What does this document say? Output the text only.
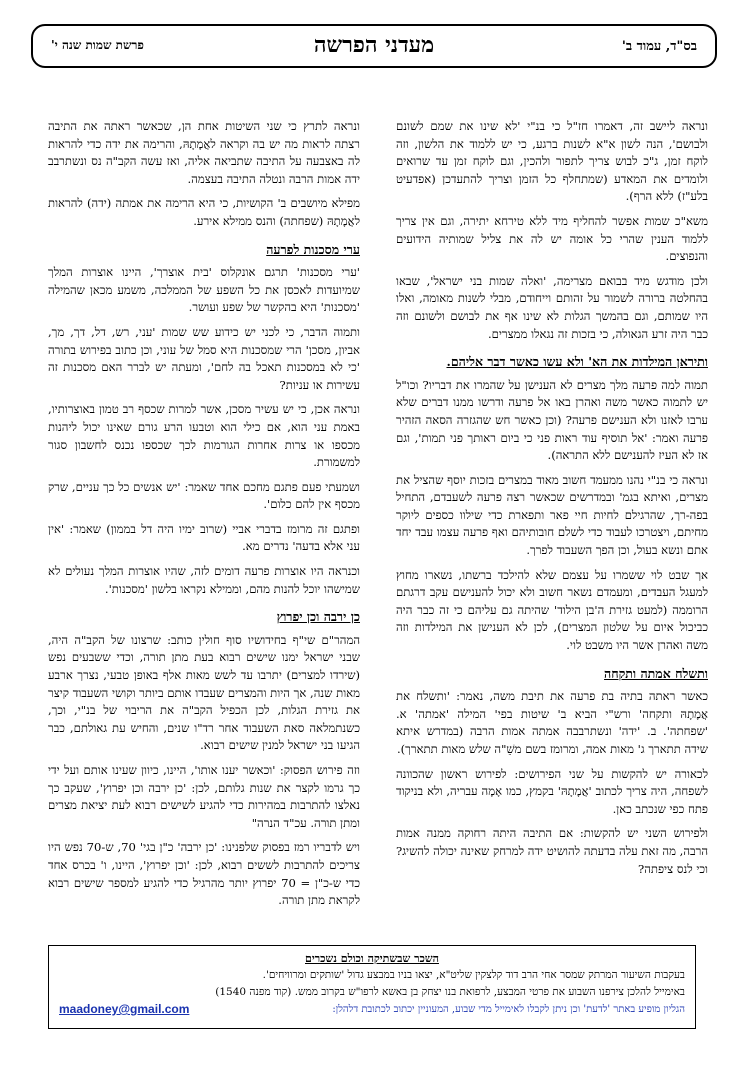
בס"ד, עמוד ב'
מעדני הפרשה
פרשת שמות שנה י'

ונראה ליישב זה, דאמרו חז"ל כי בנ"י 'לא שינו את שמם לשונם ולבושם', הנה לשון א"א לשנות ברגע, כי יש ללמוד את הלשון, וזה לוקח זמן, ג"כ לבוש צריך לתפור ולהכין, וגם לוקח זמן עד שרואים ולומדים את המאדע (שמתחלף כל הזמן וצריך להתעדכן (אפדעיט בלע"ז) ללא הרף).

משא"כ שמות אפשר להחליף מיד ללא טירחא יתירה, וגם אין צריך ללמוד הענין שהרי כל אומה יש לה את צליל שמותיה הידועים והנפוצים.

ולכן מודגש מיד בבואם מצרימה, 'ואלה שמות בני ישראל', שבאו בהחלטה ברורה לשמור על זהותם וייחודם, מבלי לשנות מאומה, ואלו היו שמותם, וגם בהמשך הגלות לא שינו אף את לבושם ולשונם וזה כבר היה זרע הגאולה, כי בזכות זה נגאלו ממצרים.

ותיראן המילדות את הא' ולא עשו כאשר דבר אליהם.

תמוה למה פרעה מלך מצרים לא הענישן על שהמרו את דבריו? וכו"ל יש לתמוה כאשר משה ואהרן באו אל פרעה ודרשו ממנו דברים שלא ערבו לאזנו ולא הענישם פרעה? (וכן כאשר חש שהגזרה הסאה הזהיר פרעה ואמר: 'אל תוסיף עוד ראות פני כי ביום ראותך פני תמות', וגם אז לא העיז להענישם ללא התראה).

ונראה כי בנ"י נהנו ממעמד חשוב מאוד במצרים בזכות יוסף שהציל את מצרים, ואיתא בגמ' ובמדרשים שכאשר רצה פרעה לשעבדם, התחיל בפה-רך, שהרגילם לחיות חיי פאר ותפארת כדי שילוו כספים ליוקר מחיתם, ויצטרכו לעבוד כדי לשלם חובותיהם ואף פרעה עצמו עבד יחד אתם ונשא בעול, וכן הפך השעבוד לפרך.

אך שבט לוי ששמרו על עצמם שלא להילכד ברשתו, נשארו מחוץ למעגל העבדים, ומעמדם נשאר חשוב ולא יכול להענישם עקב דרגתם הרוממה (למעט גזירת ה'בן הילוד' שהיתה גם עליהם כי זה כבר היה כביכול איום על שלטון המצרים), לכן לא הענישן את המילדות וזה משה ואהרן אשר היו משבט לוי.

ותשלח אמתה ותקחה

כאשר ראתה בתיה בת פרעה את תיבת משה, נאמר: 'ותשלח את אֲמָתָהּ ותקחה' ורש"י הביא ב' שיטות בפי' המילה 'אמתה' א. 'שפחתה'. ב. 'ידה' ונשתרבבה אמתה אמות הרבה (במדרש איתא שידה תתארך ג' מאות אמה, ומרומז בשם משֵׁ"ה שלש מאות תתארך).

לכאורה יש להקשות על שני הפירושים: לפירוש ראשון שהכוונה לשפחה, היה צריך לכתוב 'אֲמָתָהּ' בקמץ, כמו אָמָה עבריה, ולא בניקוד פתח כפי שנכתב כאן.

ולפירוש השני יש להקשות: אם התיבה היתה רחוקה ממנה אמות הרבה, מה זאת עלה בדעתה להושיט ידה למרחק שאינה יכולה להשיג? וכי לנס ציפתה?

ונראה לתרץ כי שני השיטות אחת הן, שכאשר ראתה את התיבה רצתה לראות מה יש בה וקראה לאֲמָתָהּ, והרימה את ידה כדי להראות לה באצבעה על התיבה שתביאה אליה, ואז עשה הקב"ה נס ונשתרבב ידה אמות הרבה ונטלה התיבה בעצמה.

מפילא מיושבים ב' הקושיות, כי היא הרימה את אמתה (ידה) להראות לאֲמָתָהּ (שפחתה) והנס ממילא אירע.

ערי מסכנות לפרעה

'ערי מסכנות' תרגם אונקלוס 'בית אוצרך', היינו אוצרות המלך שמיועדות לאכסן את כל השפע של הממלכה, משמע מכאן שהמילה 'מסכנות' היא בהקשר של שפע ועושר.

ותמוה הדבר, כי לכני יש כידוע שש שמות 'עני, רש, דל, דך, מך, אביון, מסכן' הרי שמסכנות היא סמל של עוני, וכן כתוב בפירוש בתורה 'כי לא במסכנות תאכל בה לחם', ומעתה יש לברר האם מסכנות זה עשירות או עניות?

ונראה אכן, כי יש עשיר מסכן, אשר למרות שכסף רב טמון באוצרותיו, באמת עני הוא, אם כילי הוא וטבעו הרע גורם שאינו יכול ליהנות מכספו או צרות אחרות הגורמות לכך שכספו נכנס לחשבון סגור למשמורת.

ושמעתי פעם פתגם מחכם אחד שאמר: 'יש אנשים כל כך עניים, שרק מכסף אין להם כלום'.

ופתגם זה מרומז בדברי אביי (שרוב ימיו היה דל בממון) שאמר: 'אין עני אלא בדעה' נדרים מא.

וכנראה היו אוצרות פרעה דומים לזה, שהיו אוצרות המלך נעולים לא שמישהו יוכל להנות מהם, וממילא נקראו בלשון 'מסכנות'.

כן ירבה וכן יפרוץ

המהר"ם שי"ף בחידושיו סוף חולין כותב: שרצונו של הקב"ה היה, שבני ישראל ימנו שישים רבוא בעת מתן תורה, וכדי ששבעים נפש (שירדו למצרים) יתרבו עד לשש מאות אלף באופן טבעי, נצרך ארבע מאות שנה, אך היות והמצרים שעבדו אותם ביותר וקושי השעבוד קיצר את גזירת הגלות, לכן הכפיל הקב"ה את הריבוי של בנ"י, וכך, כשנתמלאה סאת השעבוד אחר רד"ו שנים, והחיש עת גאולתם, כבר הגיעו בני ישראל למנין שישים רבוא.

וזה פירוש הפסוק: 'וכאשר יענו אותו', היינו, כיוון שעינו אותם ועל ידי כך גרמו לקצר את שנות גלותם, לכן: 'כן ירבה וכן יפרוץ', שעקב כך נאלצו להתרבות במהירות כדי להגיע לשישים רבוא לעת יציאת מצרים ומתן תורה. עכ"ד הנרה"

ויש לדבריו רמז בפסוק שלפנינו: 'כן ירבה' כ"ן בגי' 70, ש-70 נפש היו צריכים להתרבות לששים רבוא, לכן: 'וכן יפרוץ', היינו, ו' בכרס אחד כדי ש-כ"ן = 70 יפרוץ יותר מהרגיל כדי להגיע למספר שישים רבוא לקראת מתן תורה.

השכר שבשתיקה וכולם נשכרים
בעקבות השיעור המרתק שמסר אחי הרב דוד קלצקין שליט"א, יצאו בניו במבצע גדול 'שותקים ומרוויחים'.
באימייל להלכן צירפנו השבוע את פרטי המבצע, לרפואת בנו יצחק בן באשא לרפו"ש בקרוב ממש. (קוד מפנה 1540)
הגליון מופיע באתר 'לדעת' וכן ניתן לקבלו לאימייל מדי שבוע, המעוניין יכתוב לכתובת דלהלן:
maadoney@gmail.com
